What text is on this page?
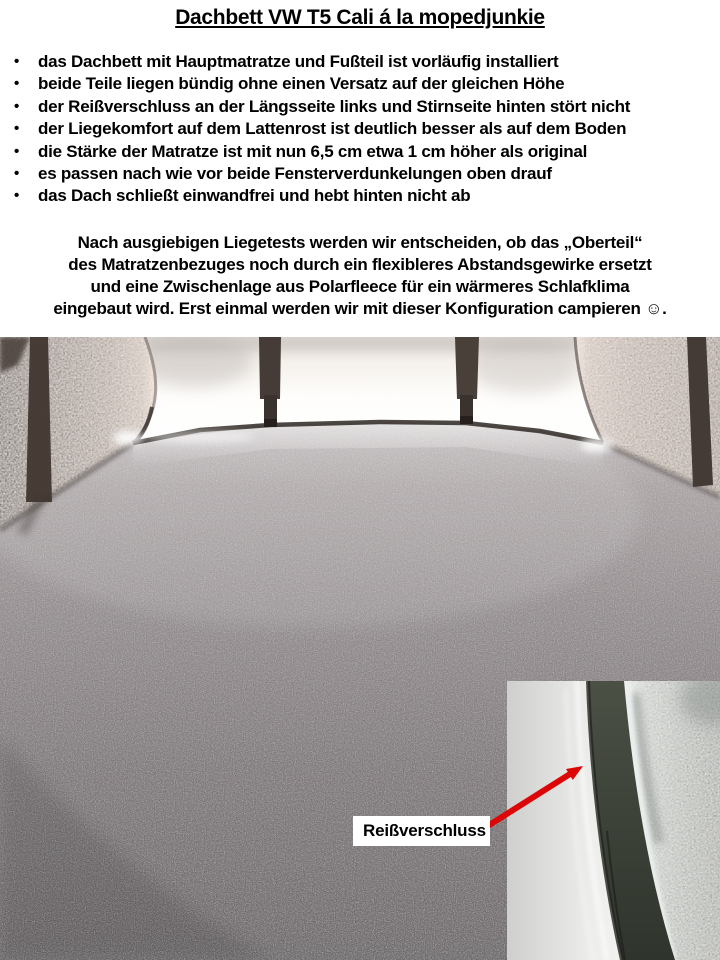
Dachbett VW T5 Cali á la mopedjunkie
•	das Dachbett mit Hauptmatratze und Fußteil ist vorläufig installiert
•	beide Teile liegen bündig ohne einen Versatz auf der gleichen Höhe
•	der Reißverschluss an der Längsseite links und Stirnseite hinten stört nicht
•	der Liegekomfort auf dem Lattenrost ist deutlich besser als auf dem Boden
•	die Stärke der Matratze ist mit nun 6,5 cm etwa 1 cm höher als original
•	es passen nach wie vor beide Fensterverdunkelungen oben drauf
•	das Dach schließt einwandfrei und hebt hinten nicht ab
Nach ausgiebigen Liegetests werden wir entscheiden, ob das „Oberteil“
des Matratzenbezuges noch durch ein flexibleres Abstandsgewirke ersetzt
und eine Zwischenlage aus Polarfleece für ein wärmeres Schlafklima
eingebaut wird. Erst einmal werden wir mit dieser Konfiguration campieren ☺.
Reißverschluss
